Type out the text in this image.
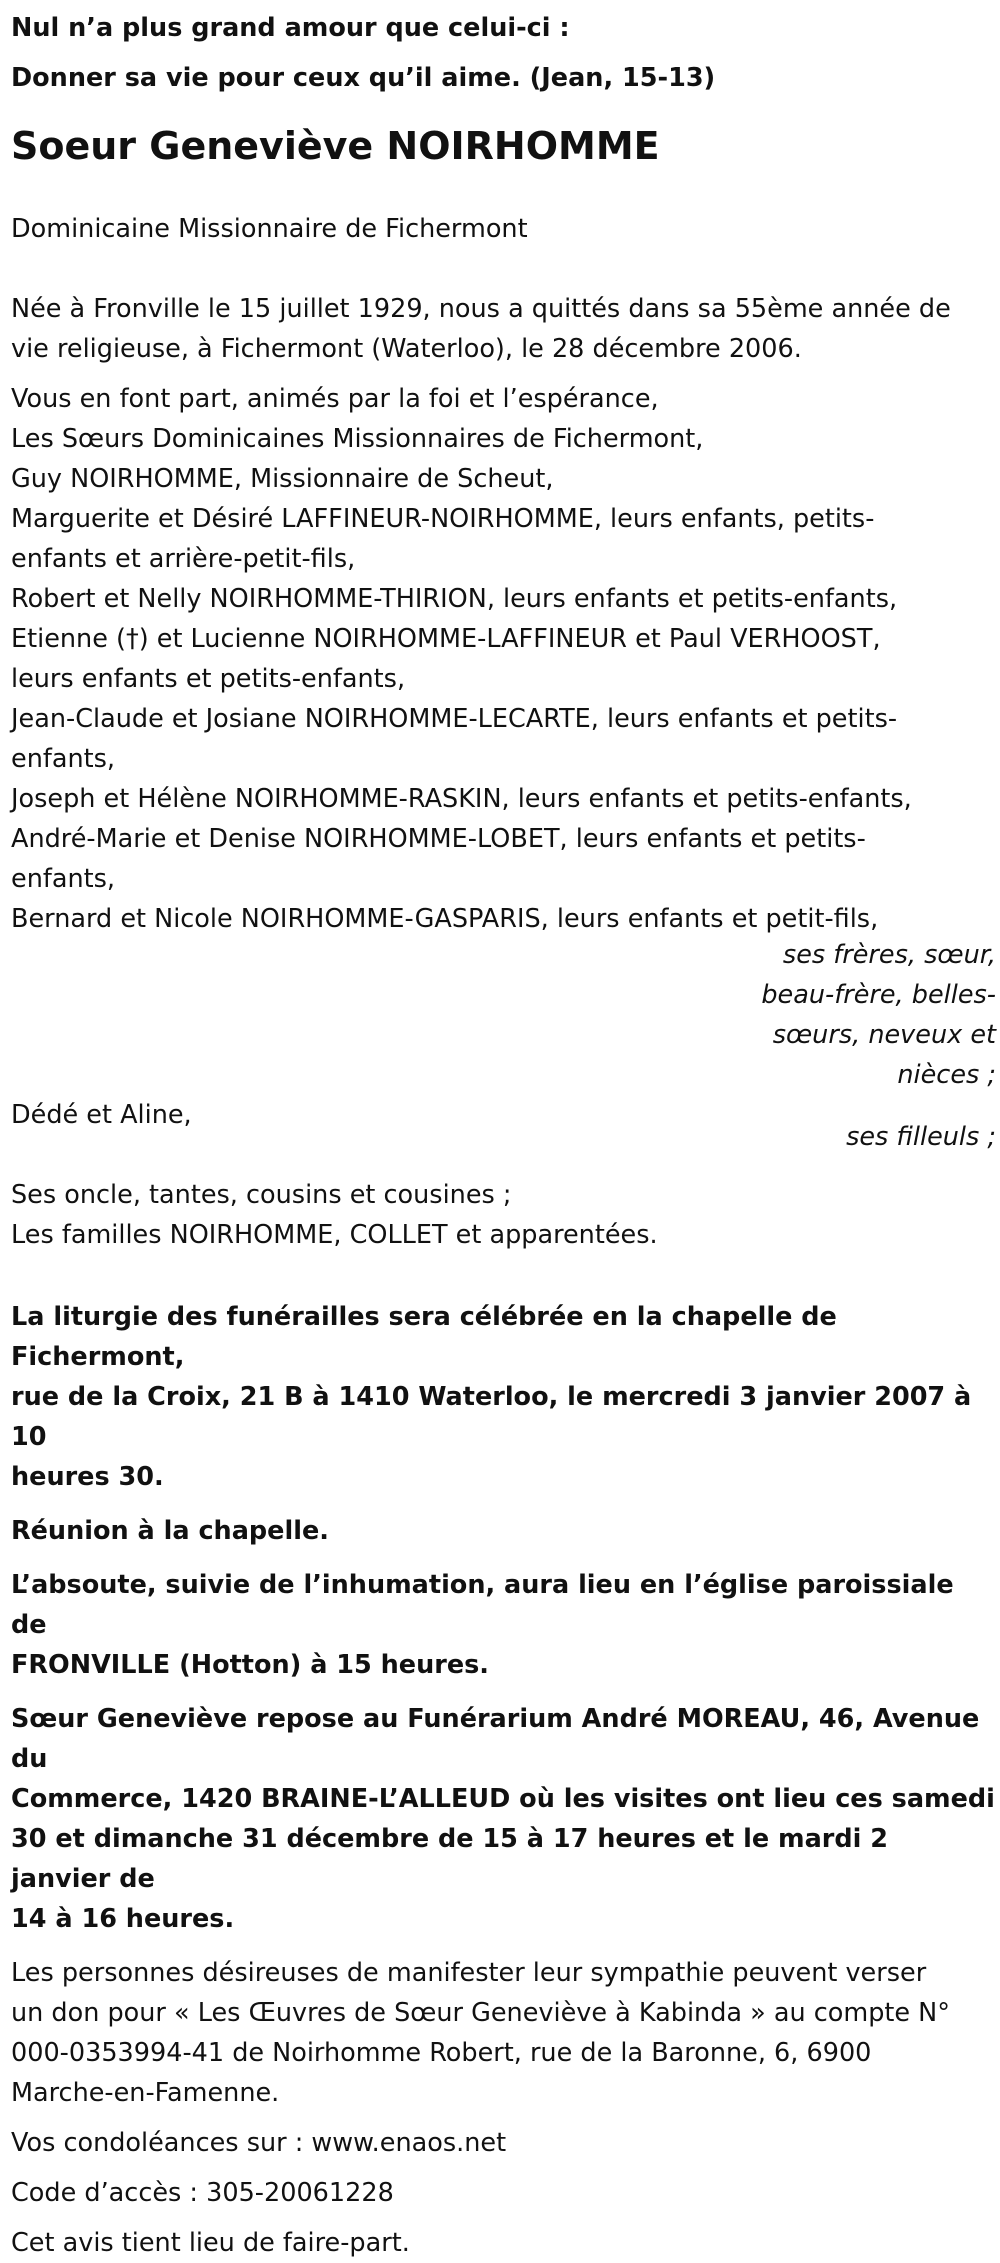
Nul n’a plus grand amour que celui-ci :

Donner sa vie pour ceux qu’il aime. (Jean, 15-13)

Soeur Geneviève NOIRHOMME

Dominicaine Missionnaire de Fichermont

Née à Fronville le 15 juillet 1929, nous a quittés dans sa 55ème année de

vie religieuse, à Fichermont (Waterloo), le 28 décembre 2006.

Vous en font part, animés par la foi et l’espérance,

Les Sœurs Dominicaines Missionnaires de Fichermont,

Guy NOIRHOMME, Missionnaire de Scheut,

Marguerite et Désiré LAFFINEUR-NOIRHOMME, leurs enfants, petits-

enfants et arrière-petit-fils,

Robert et Nelly NOIRHOMME-THIRION, leurs enfants et petits-enfants,

Etienne (†) et Lucienne NOIRHOMME-LAFFINEUR et Paul VERHOOST,

leurs enfants et petits-enfants,

Jean-Claude et Josiane NOIRHOMME-LECARTE, leurs enfants et petits-

enfants,

Joseph et Hélène NOIRHOMME-RASKIN, leurs enfants et petits-enfants,

André-Marie et Denise NOIRHOMME-LOBET, leurs enfants et petits-

enfants,

Bernard et Nicole NOIRHOMME-GASPARIS, leurs enfants et petit-fils,

ses frères, sœur,
beau-frère, belles-
sœurs, neveux et
nièces ;

Dédé et Aline,

ses filleuls ;

Ses oncle, tantes, cousins et cousines ;

Les familles NOIRHOMME, COLLET et apparentées.

La liturgie des funérailles sera célébrée en la chapelle de Fichermont,

rue de la Croix, 21 B à 1410 Waterloo, le mercredi 3 janvier 2007 à 10

heures 30.

Réunion à la chapelle.

L’absoute, suivie de l’inhumation, aura lieu en l’église paroissiale de

FRONVILLE (Hotton) à 15 heures.

Sœur Geneviève repose au Funérarium André MOREAU, 46, Avenue du

Commerce, 1420 BRAINE-L’ALLEUD où les visites ont lieu ces samedi

30 et dimanche 31 décembre de 15 à 17 heures et le mardi 2 janvier de

14 à 16 heures.

Les personnes désireuses de manifester leur sympathie peuvent verser

un don pour « Les Œuvres de Sœur Geneviève à Kabinda » au compte N°

000-0353994-41 de Noirhomme Robert, rue de la Baronne, 6, 6900

Marche-en-Famenne.

Vos condoléances sur : www.enaos.net

Code d’accès : 305-20061228

Cet avis tient lieu de faire-part.
